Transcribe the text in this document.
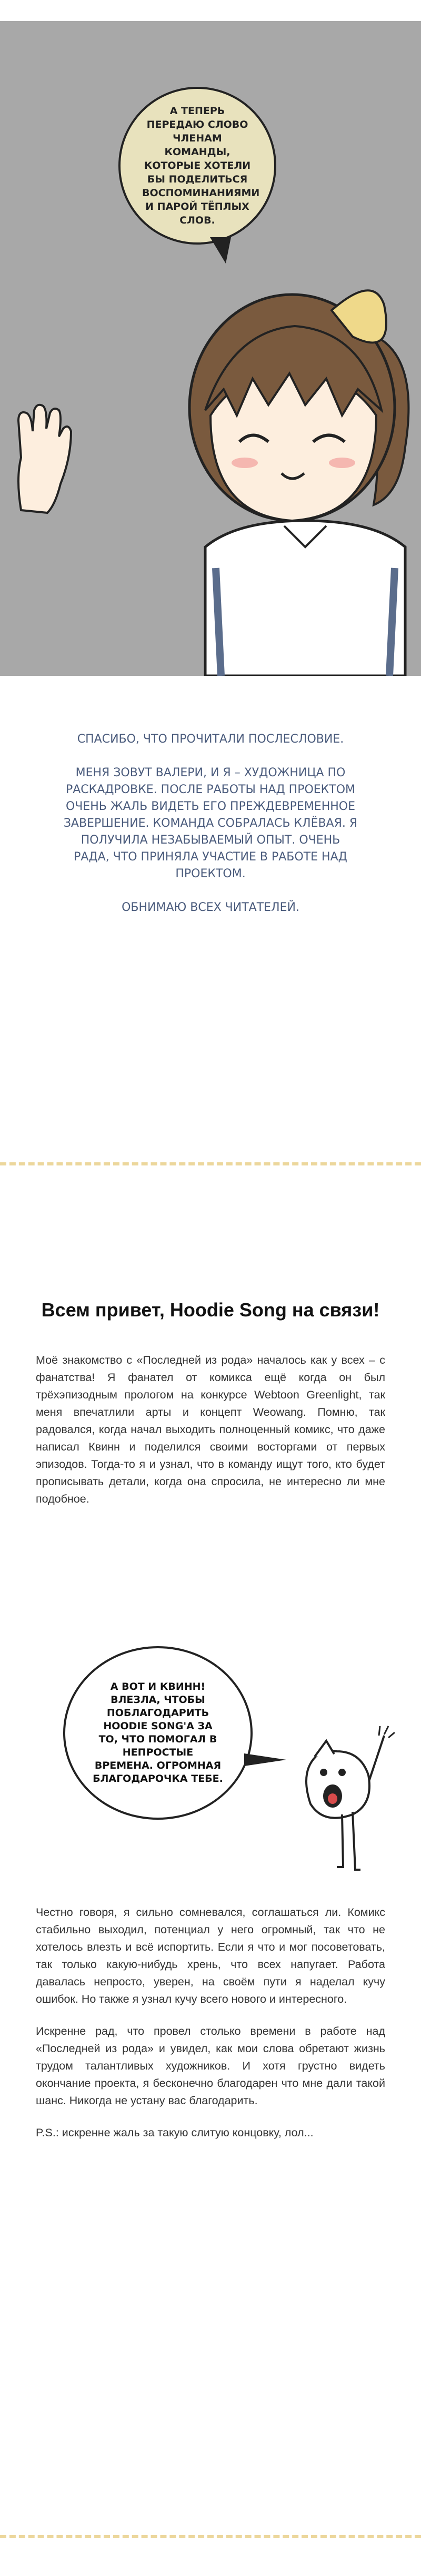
А ТЕПЕРЬ ПЕРЕДАЮ СЛОВО ЧЛЕНАМ КОМАНДЫ, КОТОРЫЕ ХОТЕЛИ БЫ ПОДЕЛИТЬСЯ ВОСПОМИНАНИЯМИ И ПАРОЙ ТЁПЛЫХ СЛОВ.

СПАСИБО, ЧТО ПРОЧИТАЛИ ПОСЛЕСЛОВИЕ.

МЕНЯ ЗОВУТ ВАЛЕРИ, И Я – ХУДОЖНИЦА ПО РАСКАДРОВКЕ. ПОСЛЕ РАБОТЫ НАД ПРОЕКТОМ ОЧЕНЬ ЖАЛЬ ВИДЕТЬ ЕГО ПРЕЖДЕВРЕМЕННОЕ ЗАВЕРШЕНИЕ. КОМАНДА СОБРАЛАСЬ КЛЁВАЯ. Я ПОЛУЧИЛА НЕЗАБЫВАЕМЫЙ ОПЫТ. ОЧЕНЬ РАДА, ЧТО ПРИНЯЛА УЧАСТИЕ В РАБОТЕ НАД ПРОЕКТОМ.

ОБНИМАЮ ВСЕХ ЧИТАТЕЛЕЙ.

Всем привет, Hoodie Song на связи!

Моё знакомство с «Последней из рода» началось как у всех – с фанатства! Я фанател от комикса ещё когда он был трёхэпизодным прологом на конкурсе Webtoon Greenlight, так меня впечатлили арты и концепт Weowang. Помню, так радовался, когда начал выходить полноценный комикс, что даже написал Квинн и поделился своими восторгами от первых эпизодов. Тогда-то я и узнал, что в команду ищут того, кто будет прописывать детали, когда она спросила, не интересно ли мне подобное.

А ВОТ И КВИНН! ВЛЕЗЛА, ЧТОБЫ ПОБЛАГОДАРИТЬ HOODIE SONG'А ЗА ТО, ЧТО ПОМОГАЛ В НЕПРОСТЫЕ ВРЕМЕНА. ОГРОМНАЯ БЛАГОДАРОЧКА ТЕБЕ.

Честно говоря, я сильно сомневался, соглашаться ли. Комикс стабильно выходил, потенциал у него огромный, так что не хотелось влезть и всё испортить. Если я что и мог посоветовать, так только какую-нибудь хрень, что всех напугает. Работа давалась непросто, уверен, на своём пути я наделал кучу ошибок. Но также я узнал кучу всего нового и интересного.

Искренне рад, что провел столько времени в работе над «Последней из рода» и увидел, как мои слова обретают жизнь трудом талантливых художников. И хотя грустно видеть окончание проекта, я бесконечно благодарен что мне дали такой шанс. Никогда не устану вас благодарить.

P.S.: искренне жаль за такую слитую концовку, лол...
